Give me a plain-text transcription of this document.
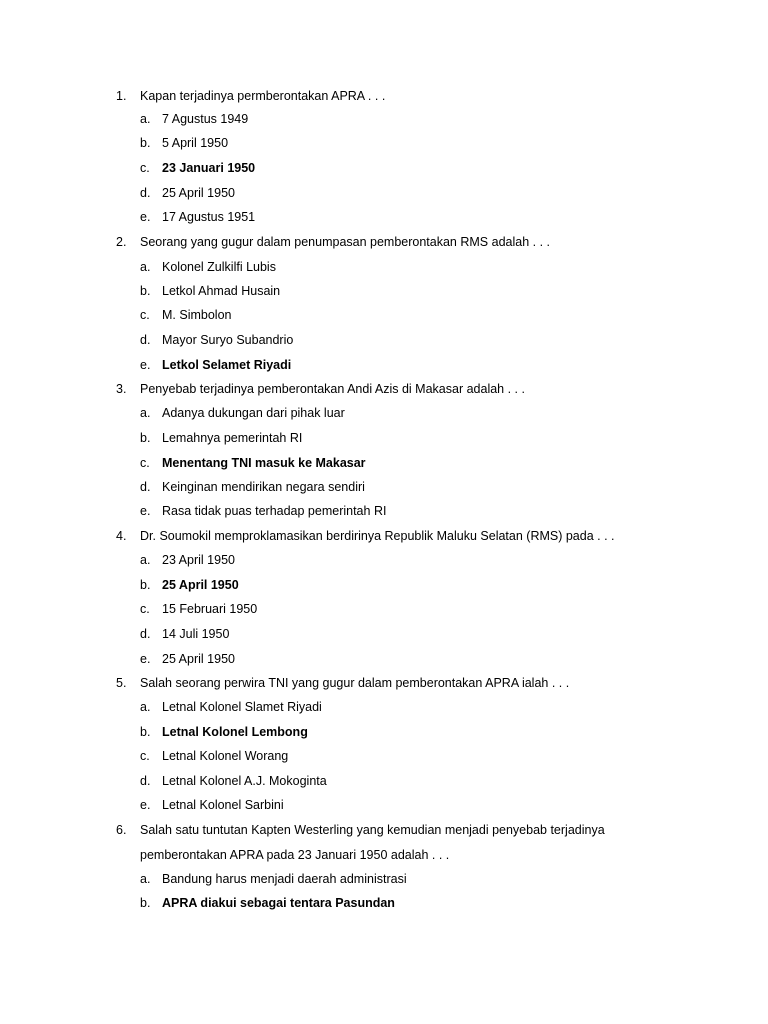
1. Kapan terjadinya permberontakan APRA . . .
a. 7 Agustus 1949
b. 5 April 1950
c. 23 Januari 1950
d. 25 April 1950
e. 17 Agustus 1951
2. Seorang yang gugur dalam penumpasan pemberontakan RMS adalah . . .
a. Kolonel Zulkilfi Lubis
b. Letkol Ahmad Husain
c. M. Simbolon
d. Mayor Suryo Subandrio
e. Letkol Selamet Riyadi
3. Penyebab terjadinya pemberontakan Andi Azis di Makasar adalah . . .
a. Adanya dukungan dari pihak luar
b. Lemahnya pemerintah RI
c. Menentang TNI masuk ke Makasar
d. Keinginan mendirikan negara sendiri
e. Rasa tidak puas terhadap pemerintah RI
4. Dr. Soumokil memproklamasikan berdirinya Republik Maluku Selatan (RMS) pada . . .
a. 23 April 1950
b. 25 April 1950
c. 15 Februari 1950
d. 14 Juli 1950
e. 25 April 1950
5. Salah seorang perwira TNI yang gugur dalam pemberontakan APRA ialah . . .
a. Letnal Kolonel Slamet Riyadi
b. Letnal Kolonel Lembong
c. Letnal Kolonel Worang
d. Letnal Kolonel A.J. Mokoginta
e. Letnal Kolonel Sarbini
6. Salah satu tuntutan Kapten Westerling yang kemudian menjadi penyebab terjadinya
pemberontakan APRA pada 23 Januari 1950 adalah . . .
a. Bandung harus menjadi daerah administrasi
b. APRA diakui sebagai tentara Pasundan
